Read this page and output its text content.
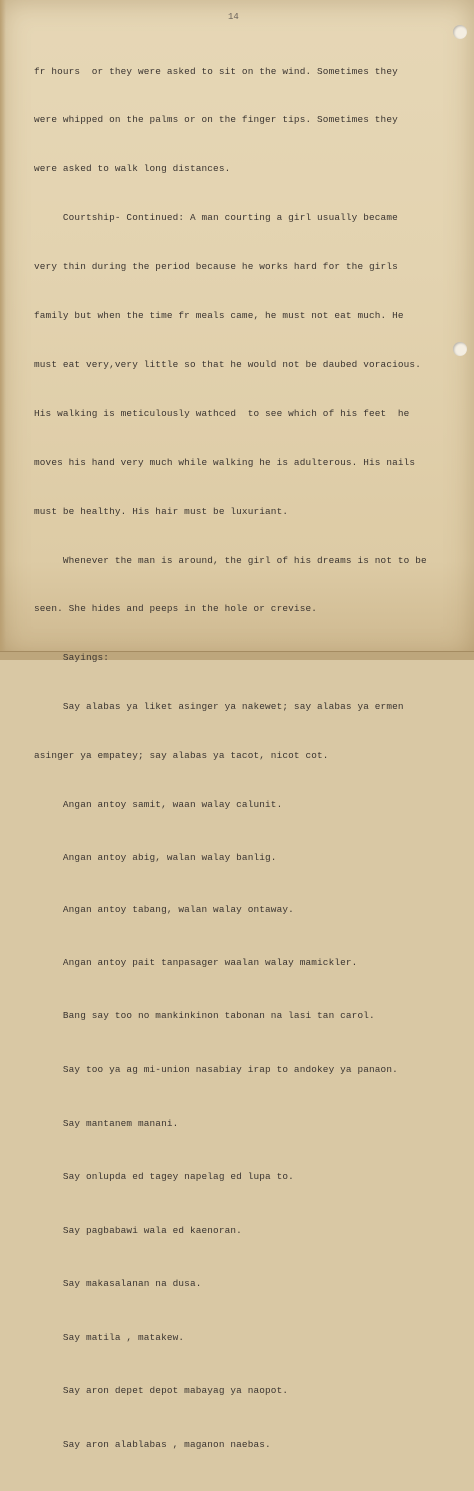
14

fr hours  or they were asked to sit on the wind. Sometimes they

were whipped on the palms or on the finger tips. Sometimes they

were asked to walk long distances.

Courtship- Continued: A man courting a girl usually became

very thin during the period because he works hard for the girls

family but when the time fr meals came, he must not eat much. He

must eat very,very little so that he would not be daubed voracious.

His walking is meticulously wathced  to see which of his feet  he

moves his hand very much while walking he is adulterous. His nails

must be healthy. His hair must be luxuriant.

Whenever the man is around, the girl of his dreams is not to be

seen. She hides and peeps in the hole or crevise.

Sayings:

Say alabas ya liket asinger ya nakewet; say alabas ya ermen

asinger ya empatey; say alabas ya tacot, nicot cot.

Angan antoy samit, waan walay calunit.

Angan antoy abig, walan walay banlig.

Angan antoy tabang, walan walay ontaway.

Angan antoy pait tanpasager waalan walay mamickler.

Bang say too no mankinkinon tabonan na lasi tan carol.

Say too ya ag mi-union nasabiay irap to andokey ya panaon.

Say mantanem manani.

Say onlupda ed tagey napelag ed lupa to.

Say pagbabawi wala ed kaenoran.

Say makasalanan na dusa.

Say matila , matakew.

Say aron depet depot mabayag ya naopot.

Say aron alablabas , maganon naebas.
